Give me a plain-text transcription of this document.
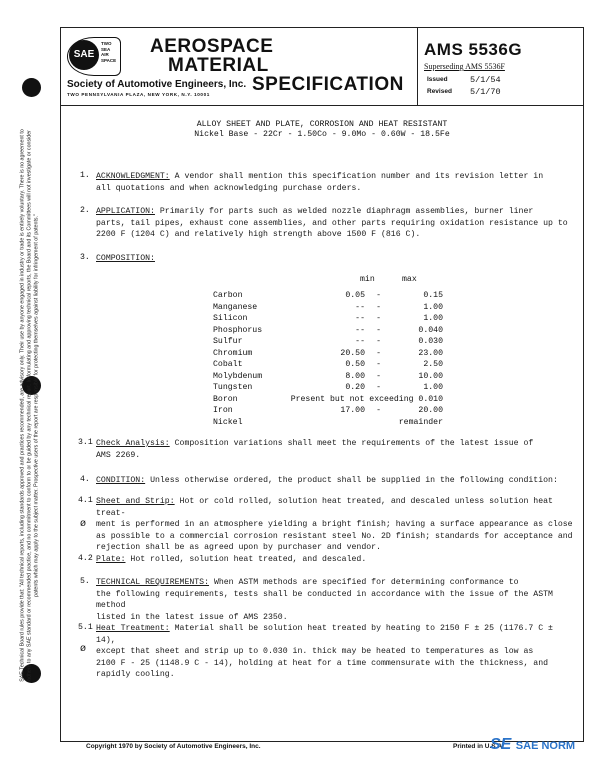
SAE Technical Board rules provide that: "All technical reports, including standards approved and practices recommended, are advisory only. Their use by anyone engaged in industry or trade is entirely voluntary. There is no agreement to adhere to any SAE standard or recommended practice, and no commitment to conform to or be guided by any technical report. In formulating and approving technical reports, the Board and its Committees will not investigate or consider patents which may apply to the subject matter. Prospective users of the report are responsible for protecting themselves against liability for infringement of patents."
SAE
TWO
SEA
AIR
SPACE
AEROSPACE
MATERIAL
SPECIFICATION
Society of Automotive Engineers, Inc.
TWO PENNSYLVANIA PLAZA, NEW YORK, N.Y. 10001
AMS 5536G
Superseding AMS 5536F
Issued	5/1/54
Revised 5/1/70
ALLOY SHEET AND PLATE, CORROSION AND HEAT RESISTANT
Nickel Base - 22Cr - 1.50Co - 9.0Mo - 0.60W - 18.5Fe
1. ACKNOWLEDGMENT: A vendor shall mention this specification number and its revision letter in
all quotations and when acknowledging purchase orders.
2. APPLICATION: Primarily for parts such as welded nozzle diaphragm assemblies, burner liner
parts, tail pipes, exhaust cone assemblies, and other parts requiring oxidation resistance up to
2200 F (1204 C) and relatively high strength above 1500 F (816 C).
3. COMPOSITION:
min	max
Carbon	0.05 -	0.15
Manganese	-- -	1.00
Silicon	-- -	1.00
Phosphorus	-- -	0.040
Sulfur	-- -	0.030
Chromium	20.50 -	23.00
Cobalt	0.50 -	2.50
Molybdenum	8.00 -	10.00
Tungsten	0.20 -	1.00
Boron	Present but not exceeding 0.010
Iron	17.00 -	20.00
Nickel	remainder
3.1 Check Analysis: Composition variations shall meet the requirements of the latest issue of
AMS 2269.
4. CONDITION: Unless otherwise ordered, the product shall be supplied in the following condition:
4.1
ø
Sheet and Strip: Hot or cold rolled, solution heat treated, and descaled unless solution heat treat-
ment is performed in an atmosphere yielding a bright finish; having a surface appearance as close
as possible to a commercial corrosion resistant steel No. 2D finish; standards for acceptance and
rejection shall be as agreed upon by purchaser and vendor.
4.2 Plate: Hot rolled, solution heat treated, and descaled.
5. TECHNICAL REQUIREMENTS: When ASTM methods are specified for determining conformance to
the following requirements, tests shall be conducted in accordance with the issue of the ASTM method
listed in the latest issue of AMS 2350.
5.1
ø
Heat Treatment: Material shall be solution heat treated by heating to 2150 F ± 25 (1176.7 C ± 14),
except that sheet and strip up to 0.030 in. thick may be heated to temperatures as low as
2100 F - 25 (1148.9 C - 14), holding at heat for a time commensurate with the thickness, and
rapidly cooling.
Copyright 1970 by Society of Automotive Engineers, Inc.	Printed in U.S.A.
SE SAE NORM
